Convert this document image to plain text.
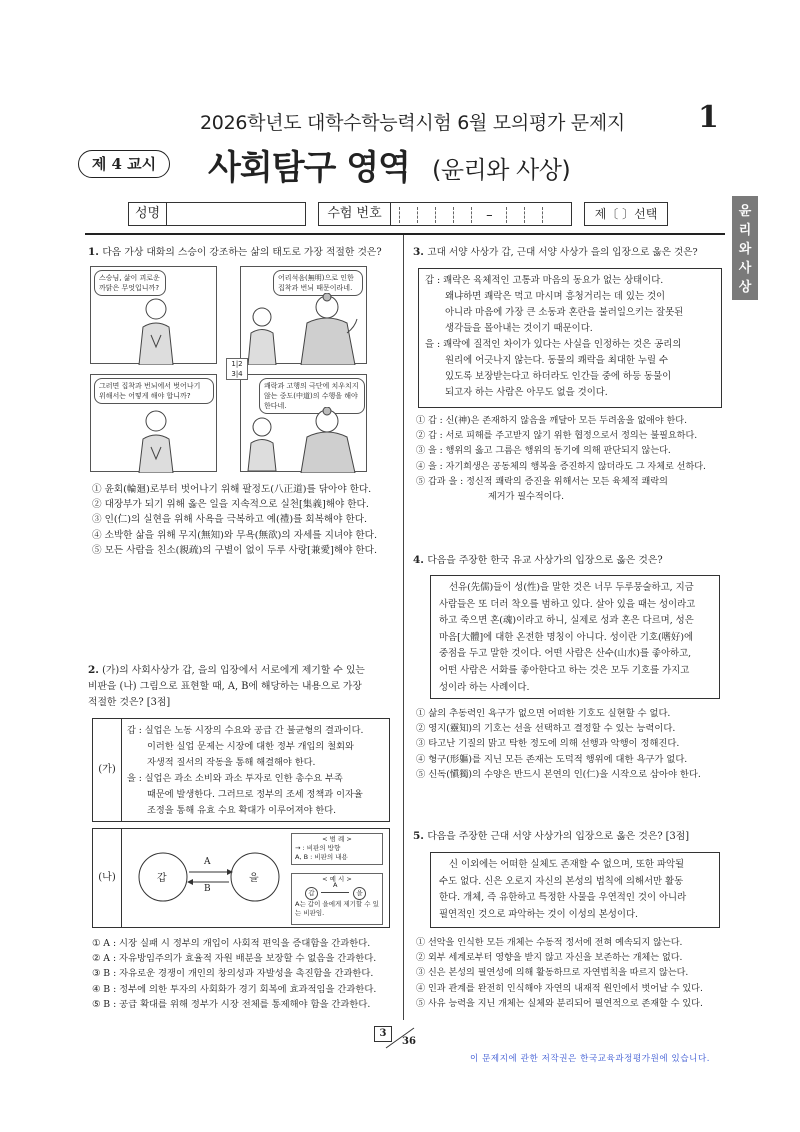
2026학년도 대학수학능력시험 6월 모의평가 문제지 1
제 4 교시	사회탐구 영역 (윤리와 사상)
성명	수험 번호	–	제〔 〕선택	윤
리
와
사
상
1. 다음 가상 대화의 스승이 강조하는 삶의 태도로 가장 적절한 것은?
스승님, 삶이 괴로운 까닭은 무엇입니까?
어리석음(無明)으로 인한 집착과 번뇌 때문이라네.
그러면 집착과 번뇌에서 벗어나기 위해서는 어떻게 해야 합니까?
쾌락과 고행의 극단에 치우치지 않는 중도(中道)의 수행을 해야 한다네.
1|2
3|4
① 윤회(輪廻)로부터 벗어나기 위해 팔정도(八正道)를 닦아야 한다.
② 대장부가 되기 위해 옳은 일을 지속적으로 실천[集義]해야 한다.
③ 인(仁)의 실현을 위해 사욕을 극복하고 예(禮)를 회복해야 한다.
④ 소박한 삶을 위해 무지(無知)와 무욕(無欲)의 자세를 지녀야 한다.
⑤ 모든 사람을 친소(親疏)의 구별이 없이 두루 사랑[兼愛]해야 한다.
2. (가)의 사회사상가 갑, 을의 입장에서 서로에게 제기할 수 있는
비판을 (나) 그림으로 표현할 때, A, B에 해당하는 내용으로 가장
적절한 것은? [3점]
(가)
갑 : 실업은 노동 시장의 수요와 공급 간 불균형의 결과이다.
이러한 실업 문제는 시장에 대한 정부 개입의 철회와
자생적 질서의 작동을 통해 해결해야 한다.
을 : 실업은 과소 소비와 과소 투자로 인한 총수요 부족
때문에 발생한다. 그러므로 정부의 조세 정책과 이자율
조정을 통해 유효 수요 확대가 이루어져야 한다.
(나)	갑	을
A
B
< 범 례 >
→ : 비판의 방향
A, B : 비판의 내용
< 예 시 >
갑
A
을
A는 갑이 을에게 제기할 수 있는 비판임.
① A : 시장 실패 시 정부의 개입이 사회적 편익을 증대함을 간과한다.
② A : 자유방임주의가 효율적 자원 배분을 보장할 수 없음을 간과한다.
③ B : 자유로운 경쟁이 개인의 창의성과 자발성을 촉진함을 간과한다.
④ B : 정부에 의한 투자의 사회화가 경기 회복에 효과적임을 간과한다.
⑤ B : 공급 확대를 위해 정부가 시장 전체를 통제해야 함을 간과한다.
3. 고대 서양 사상가 갑, 근대 서양 사상가 을의 입장으로 옳은 것은?
갑 : 쾌락은 육체적인 고통과 마음의 동요가 없는 상태이다.
왜냐하면 쾌락은 먹고 마시며 흥청거리는 데 있는 것이
아니라 마음에 가장 큰 소동과 혼란을 불러일으키는 잘못된
생각들을 몰아내는 것이기 때문이다.
을 : 쾌락에 질적인 차이가 있다는 사실을 인정하는 것은 공리의
원리에 어긋나지 않는다. 동물의 쾌락을 최대한 누릴 수
있도록 보장받는다고 하더라도 인간들 중에 하등 동물이
되고자 하는 사람은 아무도 없을 것이다.
① 갑 : 신(神)은 존재하지 않음을 깨달아 모든 두려움을 없애야 한다.
② 갑 : 서로 피해를 주고받지 않기 위한 협정으로서 정의는 불필요하다.
③ 을 : 행위의 옳고 그름은 행위의 동기에 의해 판단되지 않는다.
④ 을 : 자기희생은 공동체의 행복을 증진하지 않더라도 그 자체로 선하다.
⑤ 갑과 을 : 정신적 쾌락의 증진을 위해서는 모든 육체적 쾌락의
제거가 필수적이다.
4. 다음을 주장한 한국 유교 사상가의 입장으로 옳은 것은?
선유(先儒)들이 성(性)을 말한 것은 너무 두루뭉술하고, 지금
사람들은 또 더러 착오를 범하고 있다. 살아 있을 때는 성이라고
하고 죽으면 혼(魂)이라고 하니, 실제로 성과 혼은 다르며, 성은
마음[大體]에 대한 온전한 명칭이 아니다. 성이란 기호(嗜好)에
중점을 두고 말한 것이다. 어떤 사람은 산수(山水)를 좋아하고,
어떤 사람은 서화를 좋아한다고 하는 것은 모두 기호를 가지고
성이라 하는 사례이다.
① 삶의 추동력인 욕구가 없으면 어떠한 기호도 실현할 수 없다.
② 영지(靈知)의 기호는 선을 선택하고 결정할 수 있는 능력이다.
③ 타고난 기질의 맑고 탁한 정도에 의해 선행과 악행이 정해진다.
④ 형구(形軀)를 지닌 모든 존재는 도덕적 행위에 대한 욕구가 없다.
⑤ 신독(愼獨)의 수양은 반드시 본연의 인(仁)을 시작으로 삼아야 한다.
5. 다음을 주장한 근대 서양 사상가의 입장으로 옳은 것은? [3점]
신 이외에는 어떠한 실체도 존재할 수 없으며, 또한 파악될
수도 없다. 신은 오로지 자신의 본성의 법칙에 의해서만 활동
한다. 개체, 즉 유한하고 특정한 사물을 우연적인 것이 아니라
필연적인 것으로 파악하는 것이 이성의 본성이다.
① 선악을 인식한 모든 개체는 수동적 정서에 전혀 예속되지 않는다.
② 외부 세계로부터 영향을 받지 않고 자신을 보존하는 개체는 없다.
③ 신은 본성의 필연성에 의해 활동하므로 자연법칙을 따르지 않는다.
④ 인과 관계를 완전히 인식해야 자연의 내재적 원인에서 벗어날 수 있다.
⑤ 사유 능력을 지닌 개체는 실체와 분리되어 필연적으로 존재할 수 있다.
3
36
이 문제지에 관한 저작권은 한국교육과정평가원에 있습니다.
